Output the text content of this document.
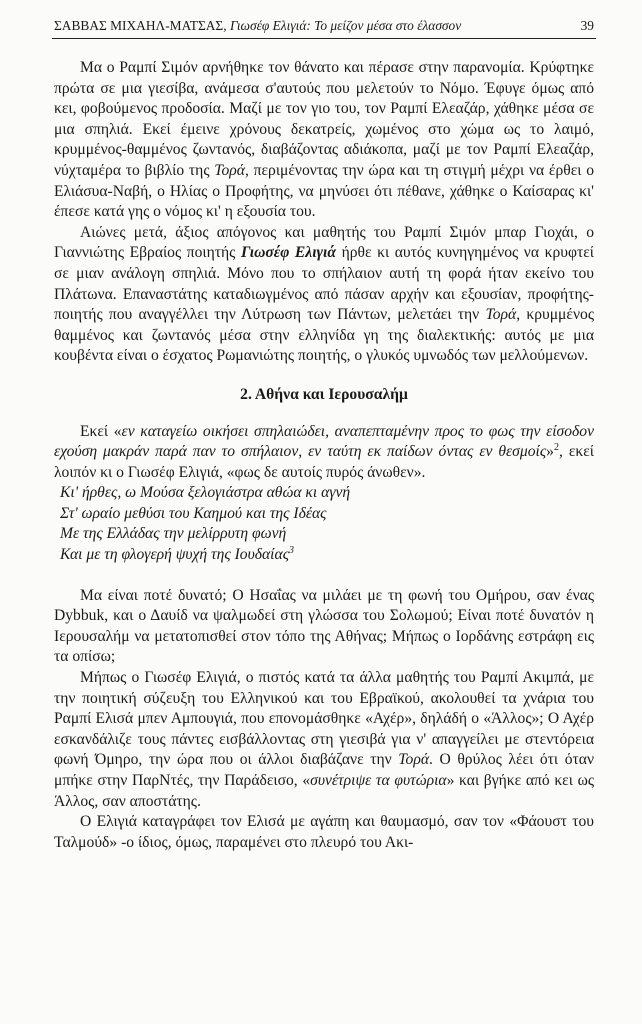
ΣΑΒΒΑΣ ΜΙΧΑΗΛ-ΜΑΤΣΑΣ, Γιωσέφ Ελιγιά: Το μείζον μέσα στο έλασσον	39

Μα ο Ραμπί Σιμόν αρνήθηκε τον θάνατο και πέρασε στην παρανομία. Κρύφτηκε πρώτα σε μια γιεσίβα, ανάμεσα σ'αυτούς που μελετούν το Νόμο. Έφυγε όμως από κει, φοβούμενος προδοσία. Μαζί με τον γιο του, τον Ραμπί Ελεαζάρ, χάθηκε μέσα σε μια σπηλιά. Εκεί έμεινε χρόνους δεκατρείς, χωμένος στο χώμα ως το λαιμό, κρυμμένος-θαμμένος ζωντανός, διαβάζοντας αδιάκοπα, μαζί με τον Ραμπί Ελεαζάρ, νύχταμέρα το βιβλίο της Τορά, περιμένοντας την ώρα και τη στιγμή μέχρι να έρθει ο Ελιάσυα-Ναβή, ο Ηλίας ο Προφήτης, να μηνύσει ότι πέθανε, χάθηκε ο Καίσαρας κι' έπεσε κατά γης ο νόμος κι' η εξουσία του.

Αιώνες μετά, άξιος απόγονος και μαθητής του Ραμπί Σιμόν μπαρ Γιοχάι, ο Γιαννιώτης Εβραίος ποιητής Γιωσέφ Ελιγιά ήρθε κι αυτός κυνηγημένος να κρυφτεί σε μιαν ανάλογη σπηλιά. Μόνο που το σπήλαιον αυτή τη φορά ήταν εκείνο του Πλάτωνα. Επαναστάτης καταδιωγμένος από πάσαν αρχήν και εξουσίαν, προφήτης-ποιητής που αναγγέλλει την Λύτρωση των Πάντων, μελετάει την Τορά, κρυμμένος θαμμένος και ζωντανός μέσα στην ελληνίδα γη της διαλεκτικής: αυτός με μια κουβέντα είναι ο έσχατος Ρωμανιώτης ποιητής, ο γλυκός υμνωδός των μελλούμενων.

2. Αθήνα και Ιερουσαλήμ

Εκεί «εν καταγείω οικήσει σπηλαιώδει, αναπεπταμένην προς το φως την είσοδον εχούση μακράν παρά παν το σπήλαιον, εν ταύτη εκ παίδων όντας εν θεσμοίς»$^2$, εκεί λοιπόν κι ο Γιωσέφ Ελιγιά, «φως δε αυτοίς πυρός άνωθεν».

Κι' ήρθες, ω Μούσα ξελογιάστρα αθώα κι αγνή
Στ' ωραίο μεθύσι του Καημού και της Ιδέας
Με της Ελλάδας την μελίρρυτη φωνή
Και με τη φλογερή ψυχή της Ιουδαίας$^3$

Μα είναι ποτέ δυνατό; Ο Ησαΐας να μιλάει με τη φωνή του Ομήρου, σαν ένας Dybbuk, και ο Δαυίδ να ψαλμωδεί στη γλώσσα του Σολωμού; Είναι ποτέ δυνατόν η Ιερουσαλήμ να μετατοπισθεί στον τόπο της Αθήνας; Μήπως ο Ιορδάνης εστράφη εις τα οπίσω;

Μήπως ο Γιωσέφ Ελιγιά, ο πιστός κατά τα άλλα μαθητής του Ραμπί Ακιμπά, με την ποιητική σύζευξη του Ελληνικού και του Εβραϊκού, ακολουθεί τα χνάρια του Ραμπί Ελισά μπεν Αμπουγιά, που επονομάσθηκε «Αχέρ», δηλάδή ο «Άλλος»; Ο Αχέρ εσκανδάλιζε τους πάντες εισβάλλοντας στη γιεσιβά για ν' απαγγείλει με στεντόρεια φωνή Όμηρο, την ώρα που οι άλλοι διαβάζανε την Τορά. Ο θρύλος λέει ότι όταν μπήκε στην ΠαρΝτές, την Παράδεισο, «συνέτριψε τα φυτώρια» και βγήκε από κει ως Άλλος, σαν αποστάτης.

Ο Ελιγιά καταγράφει τον Ελισά με αγάπη και θαυμασμό, σαν τον «Φάουστ του Ταλμούδ» -ο ίδιος, όμως, παραμένει στο πλευρό του Ακι-
